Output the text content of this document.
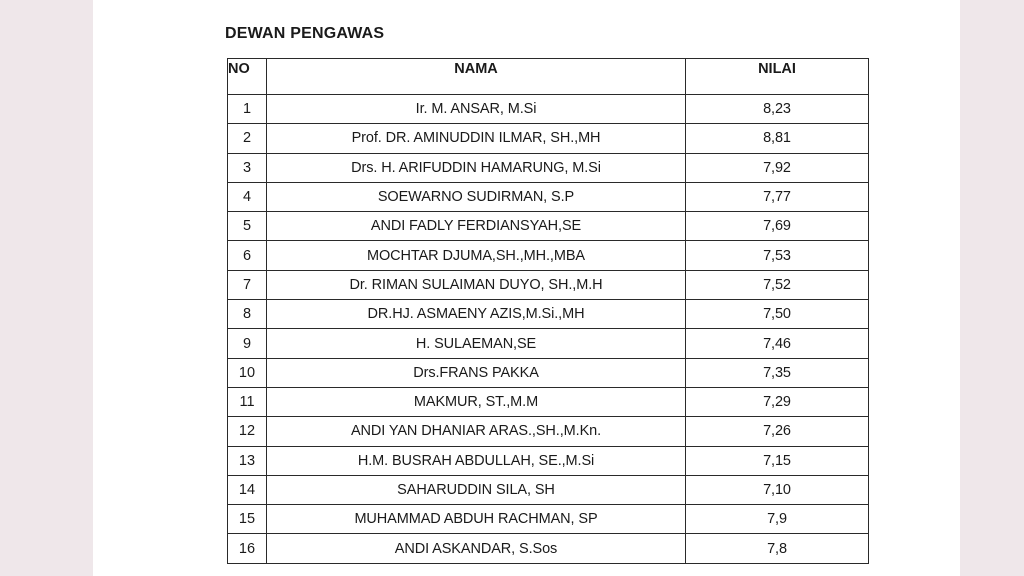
DEWAN PENGAWAS
NO	NAMA	NILAI
1	Ir. M. ANSAR, M.Si	8,23
2	Prof. DR. AMINUDDIN ILMAR, SH.,MH	8,81
3	Drs. H. ARIFUDDIN HAMARUNG, M.Si	7,92
4	SOEWARNO SUDIRMAN, S.P	7,77
5	ANDI FADLY FERDIANSYAH,SE	7,69
6	MOCHTAR DJUMA,SH.,MH.,MBA	7,53
7	Dr. RIMAN SULAIMAN DUYO, SH.,M.H	7,52
8	DR.HJ. ASMAENY AZIS,M.Si.,MH	7,50
9	H. SULAEMAN,SE	7,46
10	Drs.FRANS PAKKA	7,35
11	MAKMUR, ST.,M.M	7,29
12	ANDI YAN DHANIAR ARAS.,SH.,M.Kn.	7,26
13	H.M. BUSRAH ABDULLAH, SE.,M.Si	7,15
14	SAHARUDDIN SILA, SH	7,10
15	MUHAMMAD ABDUH RACHMAN, SP	7,9
16	ANDI ASKANDAR, S.Sos	7,8
